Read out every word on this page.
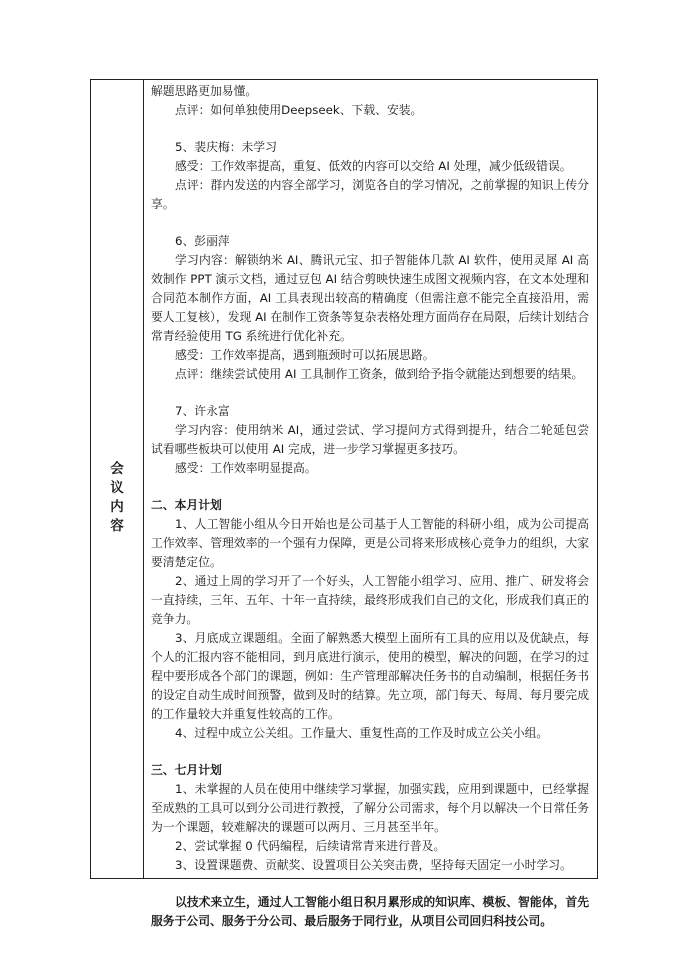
会
议
内
容

解题思路更加易懂。

点评：如何单独使用Deepseek、下载、安装。

5、裴庆梅：未学习

感受：工作效率提高，重复、低效的内容可以交给 AI 处理，减少低级错误。

点评：群内发送的内容全部学习，浏览各自的学习情况，之前掌握的知识上传分享。

6、彭丽萍

学习内容：解锁纳米 AI、腾讯元宝、扣子智能体几款 AI 软件，使用灵犀 AI 高效制作 PPT 演示文档，通过豆包 AI 结合剪映快速生成图文视频内容，在文本处理和合同范本制作方面，AI 工具表现出较高的精确度（但需注意不能完全直接沿用，需要人工复核），发现 AI 在制作工资条等复杂表格处理方面尚存在局限，后续计划结合常青经验使用 TG 系统进行优化补充。

感受：工作效率提高，遇到瓶颈时可以拓展思路。

点评：继续尝试使用 AI 工具制作工资条，做到给予指令就能达到想要的结果。

7、许永富

学习内容：使用纳米 AI，通过尝试、学习提问方式得到提升，结合二轮延包尝试看哪些板块可以使用 AI 完成，进一步学习掌握更多技巧。

感受：工作效率明显提高。

二、本月计划

1、人工智能小组从今日开始也是公司基于人工智能的科研小组，成为公司提高工作效率、管理效率的一个强有力保障，更是公司将来形成核心竞争力的组织，大家要清楚定位。

2、通过上周的学习开了一个好头，人工智能小组学习、应用、推广、研发将会一直持续，三年、五年、十年一直持续，最终形成我们自己的文化，形成我们真正的竞争力。

3、月底成立课题组。全面了解熟悉大模型上面所有工具的应用以及优缺点，每个人的汇报内容不能相同，到月底进行演示，使用的模型，解决的问题，在学习的过程中要形成各个部门的课题，例如：生产管理部解决任务书的自动编制，根据任务书的设定自动生成时间预警，做到及时的结算。先立项，部门每天、每周、每月要完成的工作量较大并重复性较高的工作。

4、过程中成立公关组。工作量大、重复性高的工作及时成立公关小组。

三、七月计划

1、未掌握的人员在使用中继续学习掌握，加强实践，应用到课题中，已经掌握至成熟的工具可以到分公司进行教授，了解分公司需求，每个月以解决一个日常任务为一个课题，较难解决的课题可以两月、三月甚至半年。

2、尝试掌握 0 代码编程，后续请常青来进行普及。

3、设置课题费、贡献奖、设置项目公关突击费，坚持每天固定一小时学习。

以技术来立生，通过人工智能小组日积月累形成的知识库、模板、智能体，首先服务于公司、服务于分公司、最后服务于同行业，从项目公司回归科技公司。
